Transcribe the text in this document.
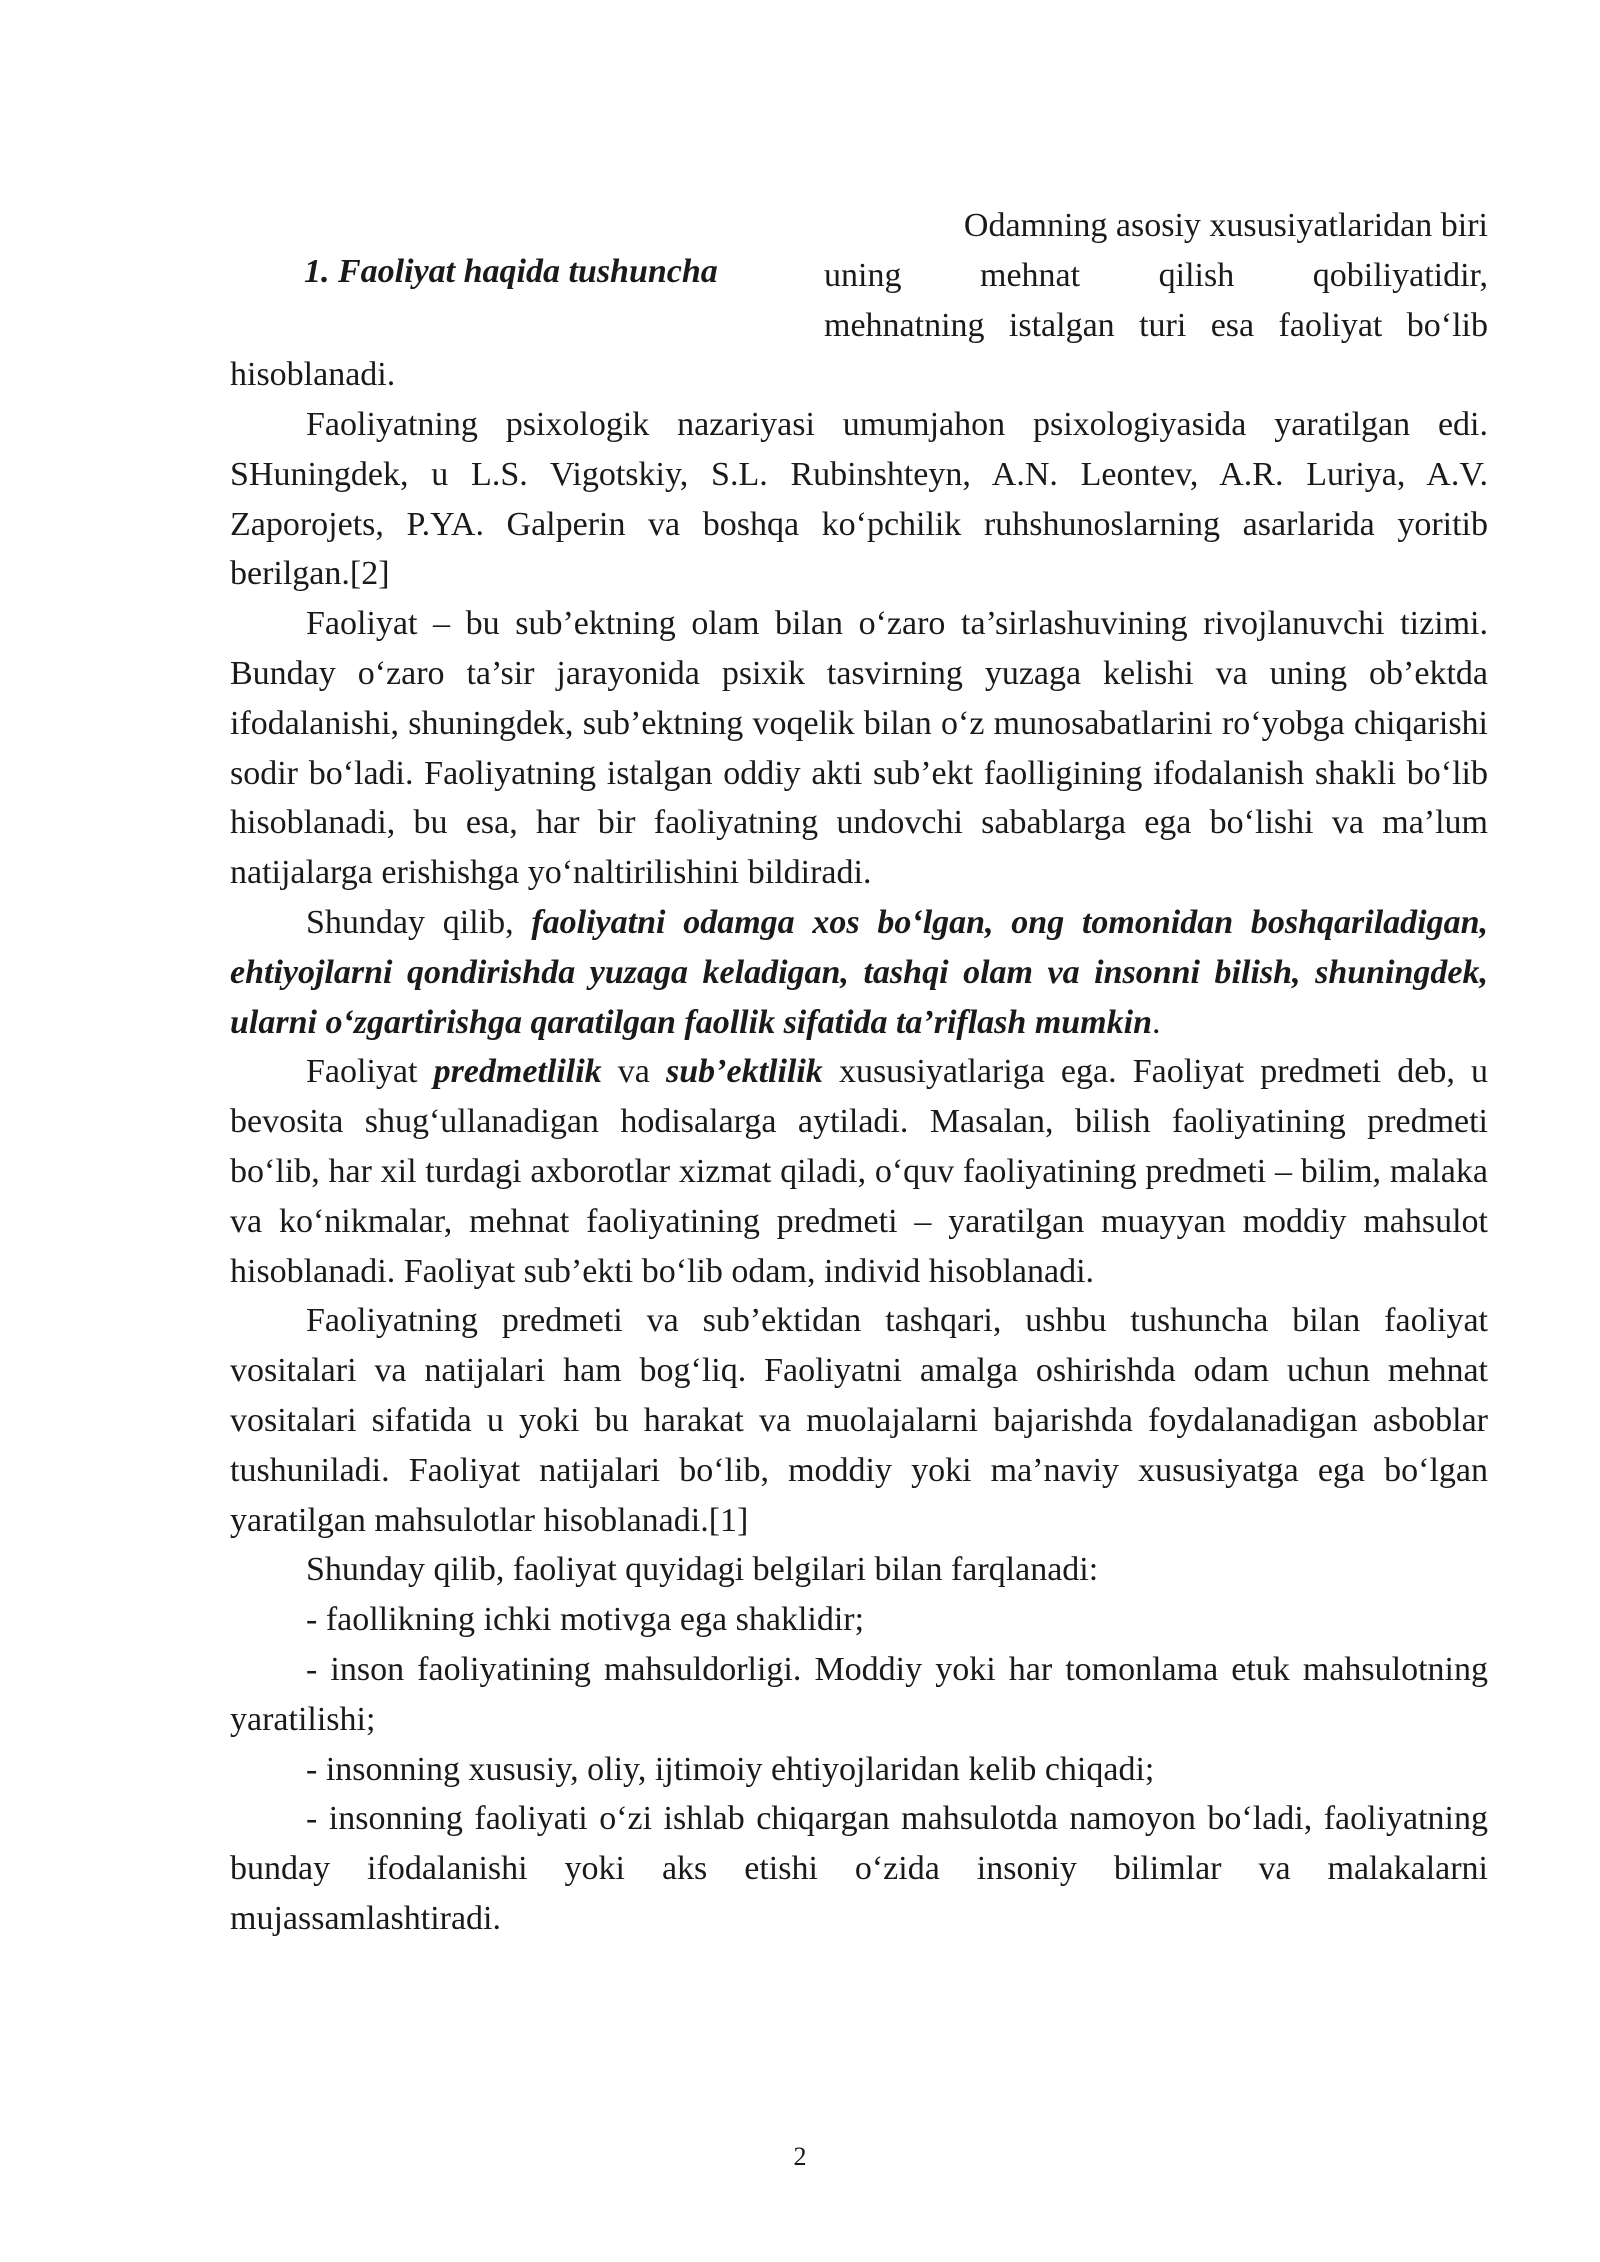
1. Faoliyat haqida tushuncha

Odamning asosiy xususiyatlaridan biri

uning mehnat qilish qobiliyatidir,

mehnatning istalgan turi esa faoliyat bo‘lib

hisoblanadi.

Faoliyatning psixologik nazariyasi umumjahon psixologiyasida yaratilgan edi. SHuningdek, u L.S. Vigotskiy, S.L. Rubinshteyn, A.N. Leontev, A.R. Luriya, A.V. Zaporojets, P.YA. Galperin va boshqa ko‘pchilik ruhshunoslarning asarlarida yoritib berilgan.[2]

Faoliyat – bu sub’ektning olam bilan o‘zaro ta’sirlashuvining rivojlanuvchi tizimi. Bunday o‘zaro ta’sir jarayonida psixik tasvirning yuzaga kelishi va uning ob’ektda ifodalanishi, shuningdek, sub’ektning voqelik bilan o‘z munosabatlarini ro‘yobga chiqarishi sodir bo‘ladi. Faoliyatning istalgan oddiy akti sub’ekt faolligining ifodalanish shakli bo‘lib hisoblanadi, bu esa, har bir faoliyatning undovchi sabablarga ega bo‘lishi va ma’lum natijalarga erishishga yo‘naltirilishini bildiradi.

Shunday qilib, faoliyatni odamga xos bo‘lgan, ong tomonidan boshqariladigan, ehtiyojlarni qondirishda yuzaga keladigan, tashqi olam va insonni bilish, shuningdek, ularni o‘zgartirishga qaratilgan faollik sifatida ta’riflash mumkin.

Faoliyat predmetlilik va sub’ektlilik xususiyatlariga ega. Faoliyat predmeti deb, u bevosita shug‘ullanadigan hodisalarga aytiladi. Masalan, bilish faoliyatining predmeti bo‘lib, har xil turdagi axborotlar xizmat qiladi, o‘quv faoliyatining predmeti – bilim, malaka va ko‘nikmalar, mehnat faoliyatining predmeti – yaratilgan muayyan moddiy mahsulot hisoblanadi. Faoliyat sub’ekti bo‘lib odam, individ hisoblanadi.

Faoliyatning predmeti va sub’ektidan tashqari, ushbu tushuncha bilan faoliyat vositalari va natijalari ham bog‘liq. Faoliyatni amalga oshirishda odam uchun mehnat vositalari sifatida u yoki bu harakat va muolajalarni bajarishda foydalanadigan asboblar tushuniladi. Faoliyat natijalari bo‘lib, moddiy yoki ma’naviy xususiyatga ega bo‘lgan yaratilgan mahsulotlar hisoblanadi.[1]

Shunday qilib, faoliyat quyidagi belgilari bilan farqlanadi:

- faollikning ichki motivga ega shaklidir;

- inson faoliyatining mahsuldorligi. Moddiy yoki har tomonlama etuk mahsulotning yaratilishi;

- insonning xususiy, oliy, ijtimoiy ehtiyojlaridan kelib chiqadi;

- insonning faoliyati o‘zi ishlab chiqargan mahsulotda namoyon bo‘ladi, faoliyatning bunday ifodalanishi yoki aks etishi o‘zida insoniy bilimlar va malakalarni mujassamlashtiradi.

2
